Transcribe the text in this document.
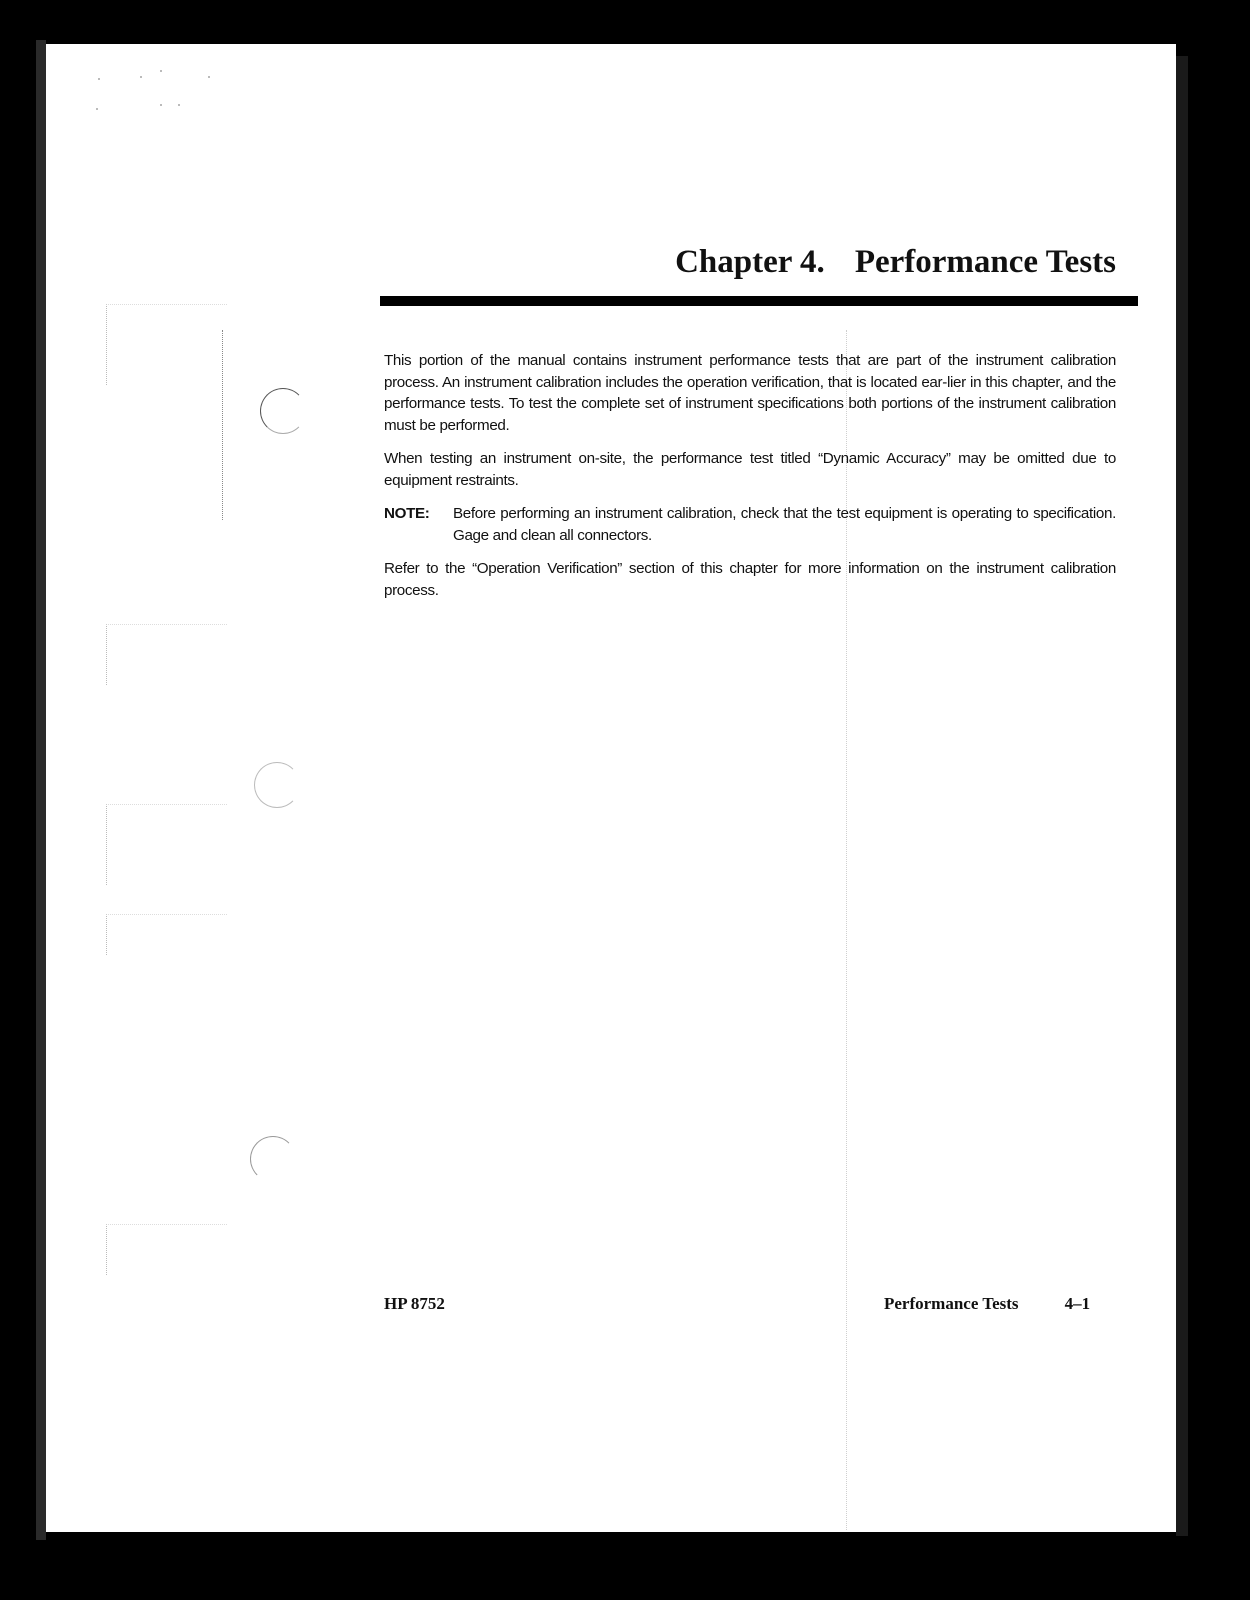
Chapter 4. Performance Tests

This portion of the manual contains instrument performance tests that are part of the instrument calibration process. An instrument calibration includes the operation verification, that is located ear-lier in this chapter, and the performance tests. To test the complete set of instrument specifications both portions of the instrument calibration must be performed.

When testing an instrument on-site, the performance test titled “Dynamic Accuracy” may be omitted due to equipment restraints.

NOTE:	Before performing an instrument calibration, check that the test equipment is operating to specification. Gage and clean all connectors.

Refer to the “Operation Verification” section of this chapter for more information on the instrument calibration process.

HP 8752	Performance Tests	4–1
